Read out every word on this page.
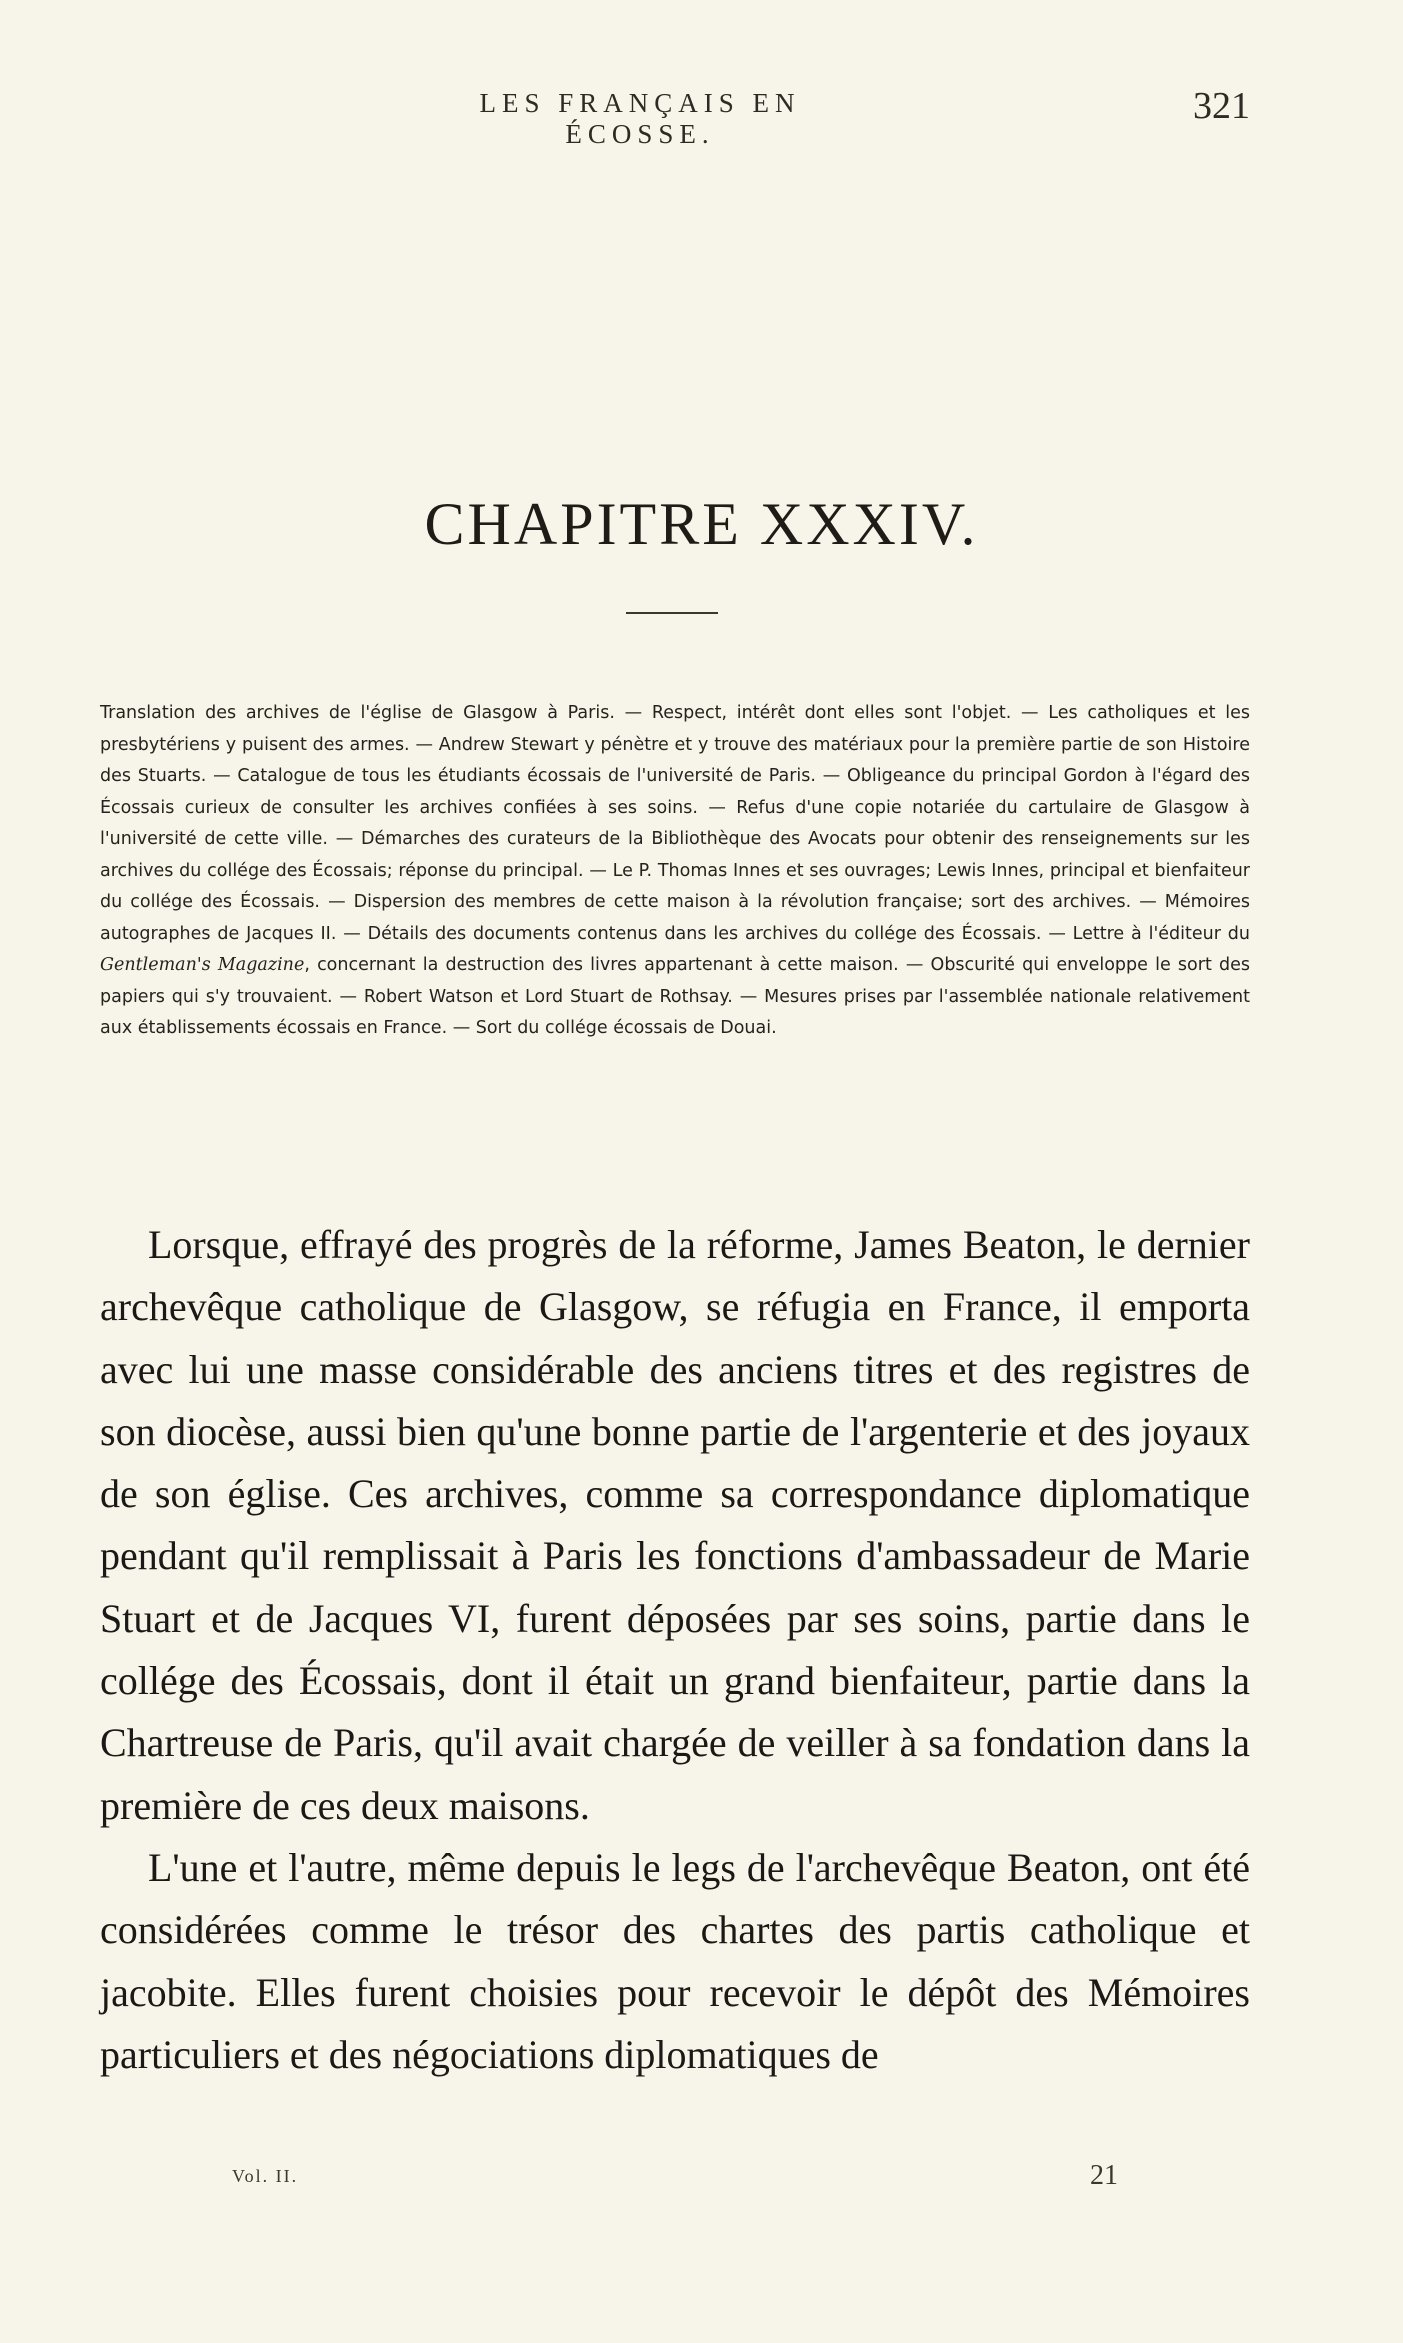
LES FRANÇAIS EN ÉCOSSE.
321
CHAPITRE XXXIV.

Translation des archives de l'église de Glasgow à Paris. — Respect, intérêt dont elles sont l'objet. — Les catholiques et les presbytériens y puisent des armes. — Andrew Stewart y pénètre et y trouve des matériaux pour la première partie de son Histoire des Stuarts. — Catalogue de tous les étudiants écossais de l'université de Paris. — Obligeance du principal Gordon à l'égard des Écossais curieux de consulter les archives confiées à ses soins. — Refus d'une copie notariée du cartulaire de Glasgow à l'université de cette ville. — Démarches des curateurs de la Bibliothèque des Avocats pour obtenir des renseignements sur les archives du collége des Écossais; réponse du principal. — Le P. Thomas Innes et ses ouvrages; Lewis Innes, principal et bienfaiteur du collége des Écossais. — Dispersion des membres de cette maison à la révolution française; sort des archives. — Mémoires autographes de Jacques II. — Détails des documents contenus dans les archives du collége des Écossais. — Lettre à l'éditeur du Gentleman's Magazine, concernant la destruction des livres appartenant à cette maison. — Obscurité qui enveloppe le sort des papiers qui s'y trouvaient. — Robert Watson et Lord Stuart de Rothsay. — Mesures prises par l'assemblée nationale relativement aux établissements écossais en France. — Sort du collége écossais de Douai.

Lorsque, effrayé des progrès de la réforme, James Beaton, le dernier archevêque catholique de Glasgow, se réfugia en France, il emporta avec lui une masse considérable des anciens titres et des registres de son diocèse, aussi bien qu'une bonne partie de l'argenterie et des joyaux de son église. Ces archives, comme sa correspondance diplomatique pendant qu'il remplissait à Paris les fonctions d'ambassadeur de Marie Stuart et de Jacques VI, furent déposées par ses soins, partie dans le collége des Écossais, dont il était un grand bienfaiteur, partie dans la Chartreuse de Paris, qu'il avait chargée de veiller à sa fondation dans la première de ces deux maisons.

L'une et l'autre, même depuis le legs de l'archevêque Beaton, ont été considérées comme le trésor des chartes des partis catholique et jacobite. Elles furent choisies pour recevoir le dépôt des Mémoires particuliers et des négociations diplomatiques de

Vol. II.	21
